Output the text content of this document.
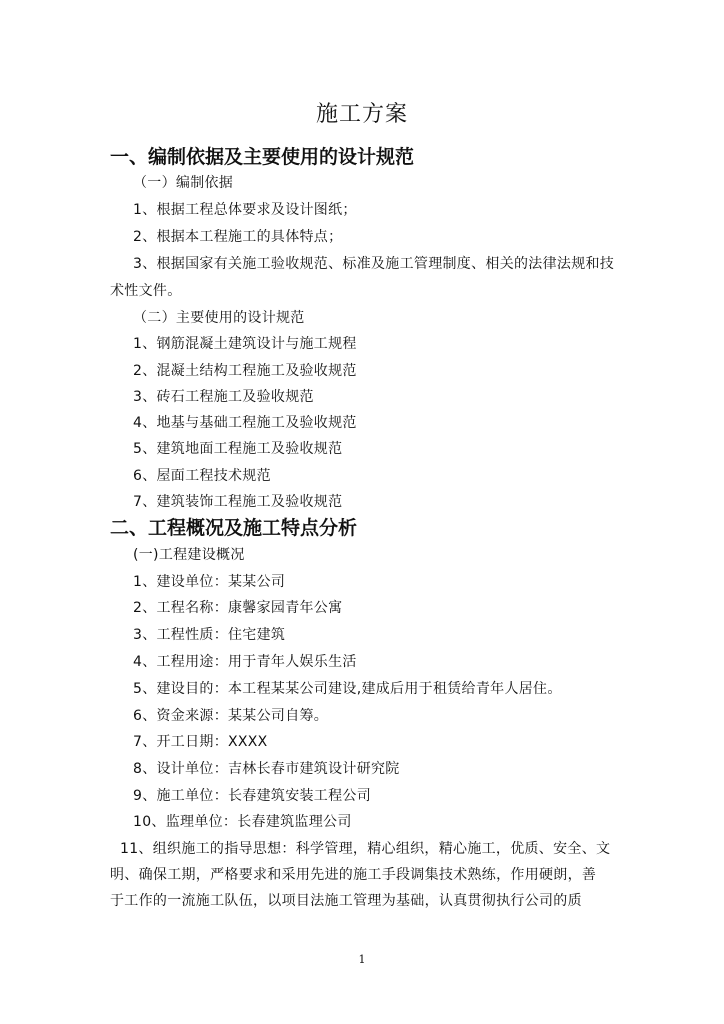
施工方案
一、编制依据及主要使用的设计规范
（一）编制依据
1、根据工程总体要求及设计图纸；
2、根据本工程施工的具体特点；
3、根据国家有关施工验收规范、标准及施工管理制度、相关的法律法规和技
术性文件。
（二）主要使用的设计规范
1、钢筋混凝土建筑设计与施工规程
2、混凝土结构工程施工及验收规范
3、砖石工程施工及验收规范
4、地基与基础工程施工及验收规范
5、建筑地面工程施工及验收规范
6、屋面工程技术规范
7、建筑装饰工程施工及验收规范
二、工程概况及施工特点分析
(一)工程建设概况
1、建设单位：某某公司
2、工程名称：康馨家园青年公寓
3、工程性质：住宅建筑
4、工程用途：用于青年人娱乐生活
5、建设目的：本工程某某公司建设,建成后用于租赁给青年人居住。
6、资金来源：某某公司自筹。
7、开工日期：XXXX
8、设计单位：吉林长春市建筑设计研究院
9、施工单位：长春建筑安装工程公司
10、监理单位：长春建筑监理公司
11、组织施工的指导思想：科学管理，精心组织，精心施工，优质、安全、文
明、确保工期，严格要求和采用先进的施工手段调集技术熟练，作用硬朗，善
于工作的一流施工队伍，以项目法施工管理为基础，认真贯彻执行公司的质
1
